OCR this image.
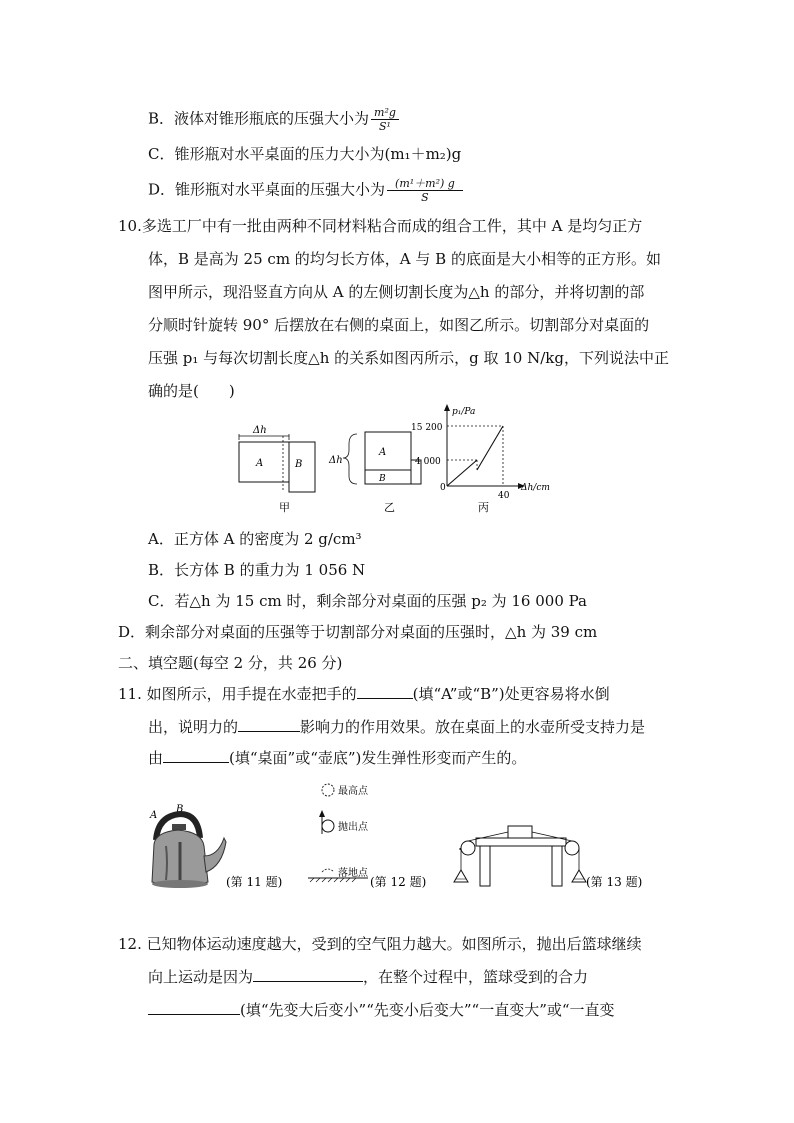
B．液体对锥形瓶底的压强大小为 $\frac{\text{m²g}}{\text{S¹}}$
C．锥形瓶对水平桌面的压力大小为(m₁＋m₂)g
D．锥形瓶对水平桌面的压强大小为 $\frac{\text{(m¹＋m²) g}}{S}$
10.多选工厂中有一批由两种不同材料粘合而成的组合工件，其中 A 是均匀正方
体，B 是高为 25 cm 的均匀长方体，A 与 B 的底面是大小相等的正方形。如
图甲所示，现沿竖直方向从 A 的左侧切割长度为△h 的部分，并将切割的部
分顺时针旋转 90° 后摆放在右侧的桌面上，如图乙所示。切割部分对桌面的
压强 p₁ 与每次切割长度△h 的关系如图丙所示，g 取 10 N/kg，下列说法中正
确的是(　　)
Δh
A	B
甲
Δh
A
B
乙
p₁/Pa
15 200
4 000
0
40
Δh/cm
丙
A．正方体 A 的密度为 2 g/cm³
B．长方体 B 的重力为 1 056 N
C．若△h 为 15 cm 时，剩余部分对桌面的压强 p₂ 为 16 000 Pa
D．剩余部分对桌面的压强等于切割部分对桌面的压强时，△h 为 39 cm
二、填空题(每空 2 分，共 26 分)
11. 如图所示，用手提在水壶把手的	(填“A”或“B”)处更容易将水倒
出，说明力的	影响力的作用效果。放在桌面上的水壶所受支持力是
由	(填“桌面”或“壶底”)发生弹性形变而产生的。
A
B
(第 11 题)
最高点
抛出点
落地点
(第 12 题)	(第 13 题)
12. 已知物体运动速度越大，受到的空气阻力越大。如图所示，抛出后篮球继续
向上运动是因为	，在整个过程中，篮球受到的合力
(填“先变大后变小”“先变小后变大”“一直变大”或“一直变
